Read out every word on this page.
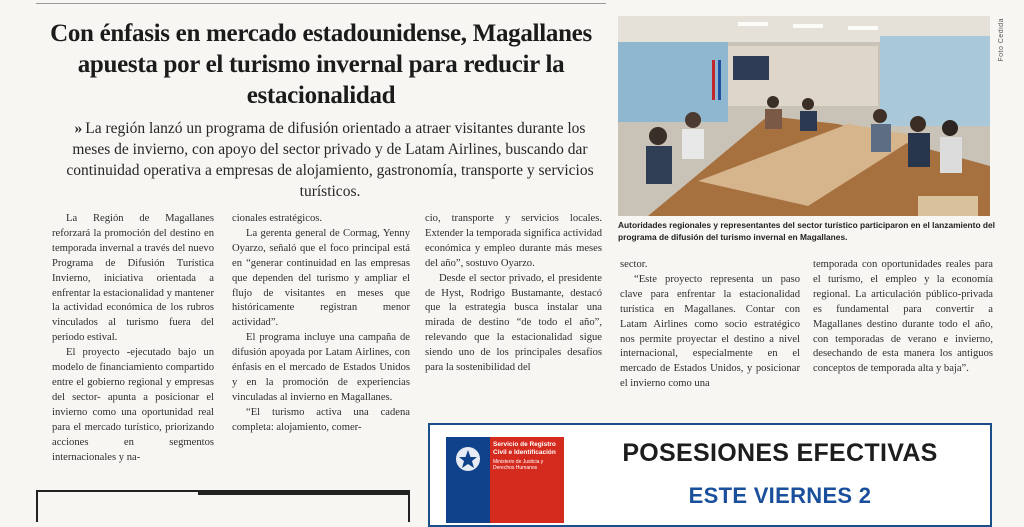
Con énfasis en mercado estadounidense, Magallanes apuesta por el turismo invernal para reducir la estacionalidad

» La región lanzó un programa de difusión orientado a atraer visitantes durante los meses de invierno, con apoyo del sector privado y de Latam Airlines, buscando dar continuidad operativa a empresas de alojamiento, gastronomía, transporte y servicios turísticos.

La Región de Magallanes reforzará la promoción del destino en temporada invernal a través del nuevo Programa de Difusión Turística Invierno, iniciativa orientada a enfrentar la estacionalidad y mantener la actividad económica de los rubros vinculados al turismo fuera del periodo estival.

El proyecto -ejecutado bajo un modelo de financiamiento compartido entre el gobierno regional y empresas del sector- apunta a posicionar el invierno como una oportunidad real para el mercado turístico, priorizando acciones en segmentos internacionales y na-

cionales estratégicos.

La gerenta general de Cormag, Yenny Oyarzo, señaló que el foco principal está en “generar continuidad en las empresas que dependen del turismo y ampliar el flujo de visitantes en meses que históricamente registran menor actividad”.

El programa incluye una campaña de difusión apoyada por Latam Airlines, con énfasis en el mercado de Estados Unidos y en la promoción de experiencias vinculadas al invierno en Magallanes.

“El turismo activa una cadena completa: alojamiento, comer-

cio, transporte y servicios locales. Extender la temporada significa actividad económica y empleo durante más meses del año”, sostuvo Oyarzo.

Desde el sector privado, el presidente de Hyst, Rodrigo Bustamante, destacó que la estrategia busca instalar una mirada de destino “de todo el año”, relevando que la estacionalidad sigue siendo uno de los principales desafíos para la sostenibilidad del

Foto Cedida

Autoridades regionales y representantes del sector turístico participaron en el lanzamiento del programa de difusión del turismo invernal en Magallanes.

sector.

“Este proyecto representa un paso clave para enfrentar la estacionalidad turística en Magallanes. Contar con Latam Airlines como socio estratégico nos permite proyectar el destino a nivel internacional, especialmente en el mercado de Estados Unidos, y posicionar el invierno como una

temporada con oportunidades reales para el turismo, el empleo y la economía regional. La articulación público-privada es fundamental para convertir a Magallanes destino durante todo el año, con temporadas de verano e invierno, desechando de esta manera los antiguos conceptos de temporada alta y baja”.

Servicio de Registro Civil e Identificación
Ministerio de Justicia y Derechos Humanos

POSESIONES EFECTIVAS

ESTE VIERNES 2
